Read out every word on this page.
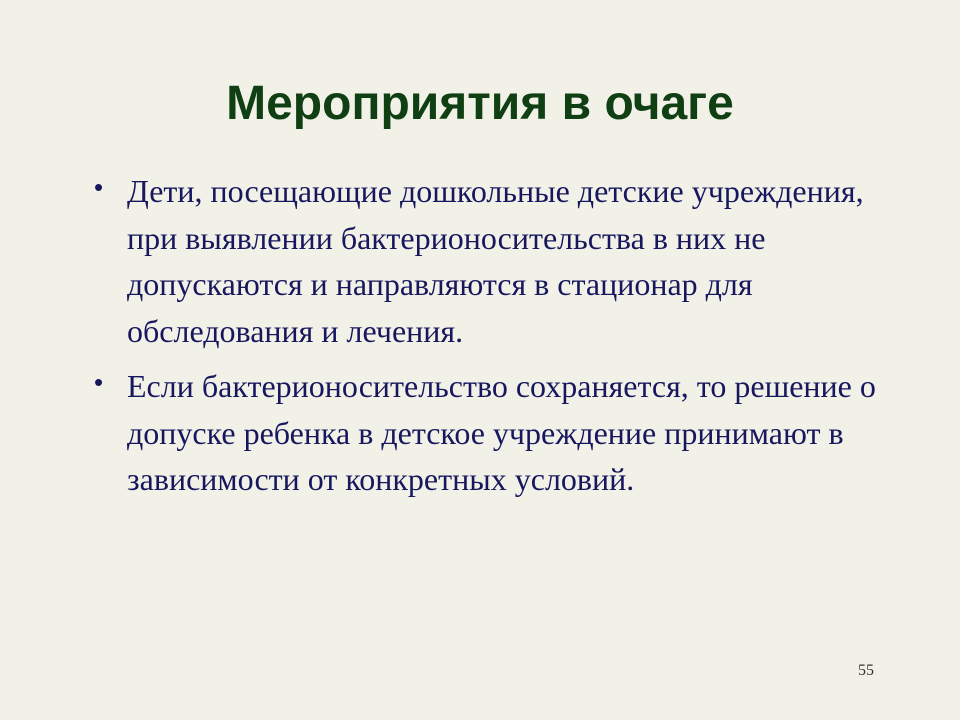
Мероприятия в очаге
• Дети, посещающие дошкольные детские учреждения, при выявлении бактерионосительства в них не допускаются и направляются в стационар для обследования и лечения.
• Если бактерионосительство сохраняется, то решение о допуске ребенка в детское учреждение принимают в зависимости от конкретных условий.
55
